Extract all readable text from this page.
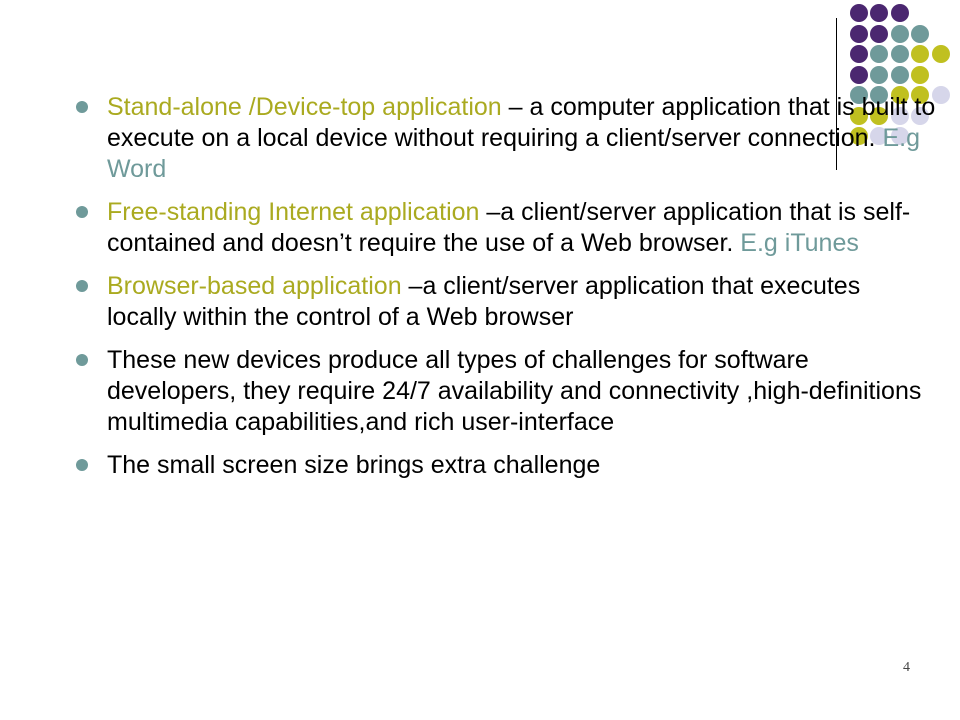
Stand-alone /Device-top application – a computer application that is built to execute on a local device without requiring a client/server connection. E.g Word
Free-standing Internet application –a client/server application that is self-contained and doesn’t require the use of a Web browser. E.g iTunes
Browser-based application –a client/server application that executes locally within the control of a Web browser
These new devices produce all types of challenges for software developers, they require 24/7 availability and connectivity ,high-definitions multimedia capabilities,and rich user-interface
The small screen size brings extra challenge
4
